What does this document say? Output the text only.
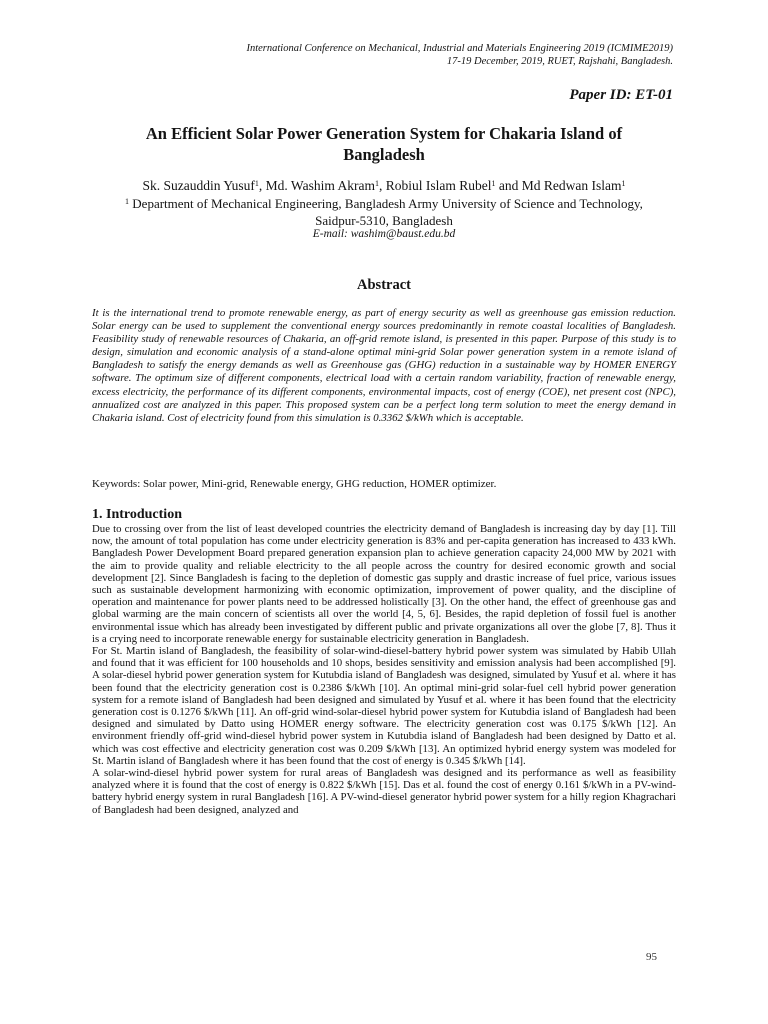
International Conference on Mechanical, Industrial and Materials Engineering 2019 (ICMIME2019)
17-19 December, 2019, RUET, Rajshahi, Bangladesh.
Paper ID: ET-01
An Efficient Solar Power Generation System for Chakaria Island of
Bangladesh
Sk. Suzauddin Yusuf$^1$, Md. Washim Akram$^1$, Robiul Islam Rubel$^1$ and Md Redwan Islam$^1$
$^1$ Department of Mechanical Engineering, Bangladesh Army University of Science and Technology,
Saidpur-5310, Bangladesh
E-mail: washim@baust.edu.bd
Abstract

It is the international trend to promote renewable energy, as part of energy security as well as greenhouse gas emission reduction. Solar energy can be used to supplement the conventional energy sources predominantly in remote coastal localities of Bangladesh. Feasibility study of renewable resources of Chakaria, an off-grid remote island, is presented in this paper. Purpose of this study is to design, simulation and economic analysis of a stand-alone optimal mini-grid Solar power generation system in a remote island of Bangladesh to satisfy the energy demands as well as Greenhouse gas (GHG) reduction in a sustainable way by HOMER ENERGY software. The optimum size of different components, electrical load with a certain random variability, fraction of renewable energy, excess electricity, the performance of its different components, environmental impacts, cost of energy (COE), net present cost (NPC), annualized cost are analyzed in this paper. This proposed system can be a perfect long term solution to meet the energy demand in Chakaria island. Cost of electricity found from this simulation is 0.3362 $/kWh which is acceptable.

Keywords: Solar power, Mini-grid, Renewable energy, GHG reduction, HOMER optimizer.

1. Introduction

Due to crossing over from the list of least developed countries the electricity demand of Bangladesh is increasing day by day [1]. Till now, the amount of total population has come under electricity generation is 83% and per-capita generation has increased to 433 kWh. Bangladesh Power Development Board prepared generation expansion plan to achieve generation capacity 24,000 MW by 2021 with the aim to provide quality and reliable electricity to the all people across the country for desired economic growth and social development [2]. Since Bangladesh is facing to the depletion of domestic gas supply and drastic increase of fuel price, various issues such as sustainable development harmonizing with economic optimization, improvement of power quality, and the discipline of operation and maintenance for power plants need to be addressed holistically [3]. On the other hand, the effect of greenhouse gas and global warming are the main concern of scientists all over the world [4, 5, 6]. Besides, the rapid depletion of fossil fuel is another environmental issue which has already been investigated by different public and private organizations all over the globe [7, 8]. Thus it is a crying need to incorporate renewable energy for sustainable electricity generation in Bangladesh.

For St. Martin island of Bangladesh, the feasibility of solar-wind-diesel-battery hybrid power system was simulated by Habib Ullah and found that it was efficient for 100 households and 10 shops, besides sensitivity and emission analysis had been accomplished [9]. A solar-diesel hybrid power generation system for Kutubdia island of Bangladesh was designed, simulated by Yusuf et al. where it has been found that the electricity generation cost is 0.2386 $/kWh [10]. An optimal mini-grid solar-fuel cell hybrid power generation system for a remote island of Bangladesh had been designed and simulated by Yusuf et al. where it has been found that the electricity generation cost is 0.1276 $/kWh [11]. An off-grid wind-solar-diesel hybrid power system for Kutubdia island of Bangladesh had been designed and simulated by Datto using HOMER energy software. The electricity generation cost was 0.175 $/kWh [12]. An environment friendly off-grid wind-diesel hybrid power system in Kutubdia island of Bangladesh had been designed by Datto et al. which was cost effective and electricity generation cost was 0.209 $/kWh [13]. An optimized hybrid energy system was modeled for St. Martin island of Bangladesh where it has been found that the cost of energy is 0.345 $/kWh [14].

A solar-wind-diesel hybrid power system for rural areas of Bangladesh was designed and its performance as well as feasibility analyzed where it is found that the cost of energy is 0.822 $/kWh [15]. Das et al. found the cost of energy 0.161 $/kWh in a PV-wind-battery hybrid energy system in rural Bangladesh [16]. A PV-wind-diesel generator hybrid power system for a hilly region Khagrachari of Bangladesh had been designed, analyzed and

95
